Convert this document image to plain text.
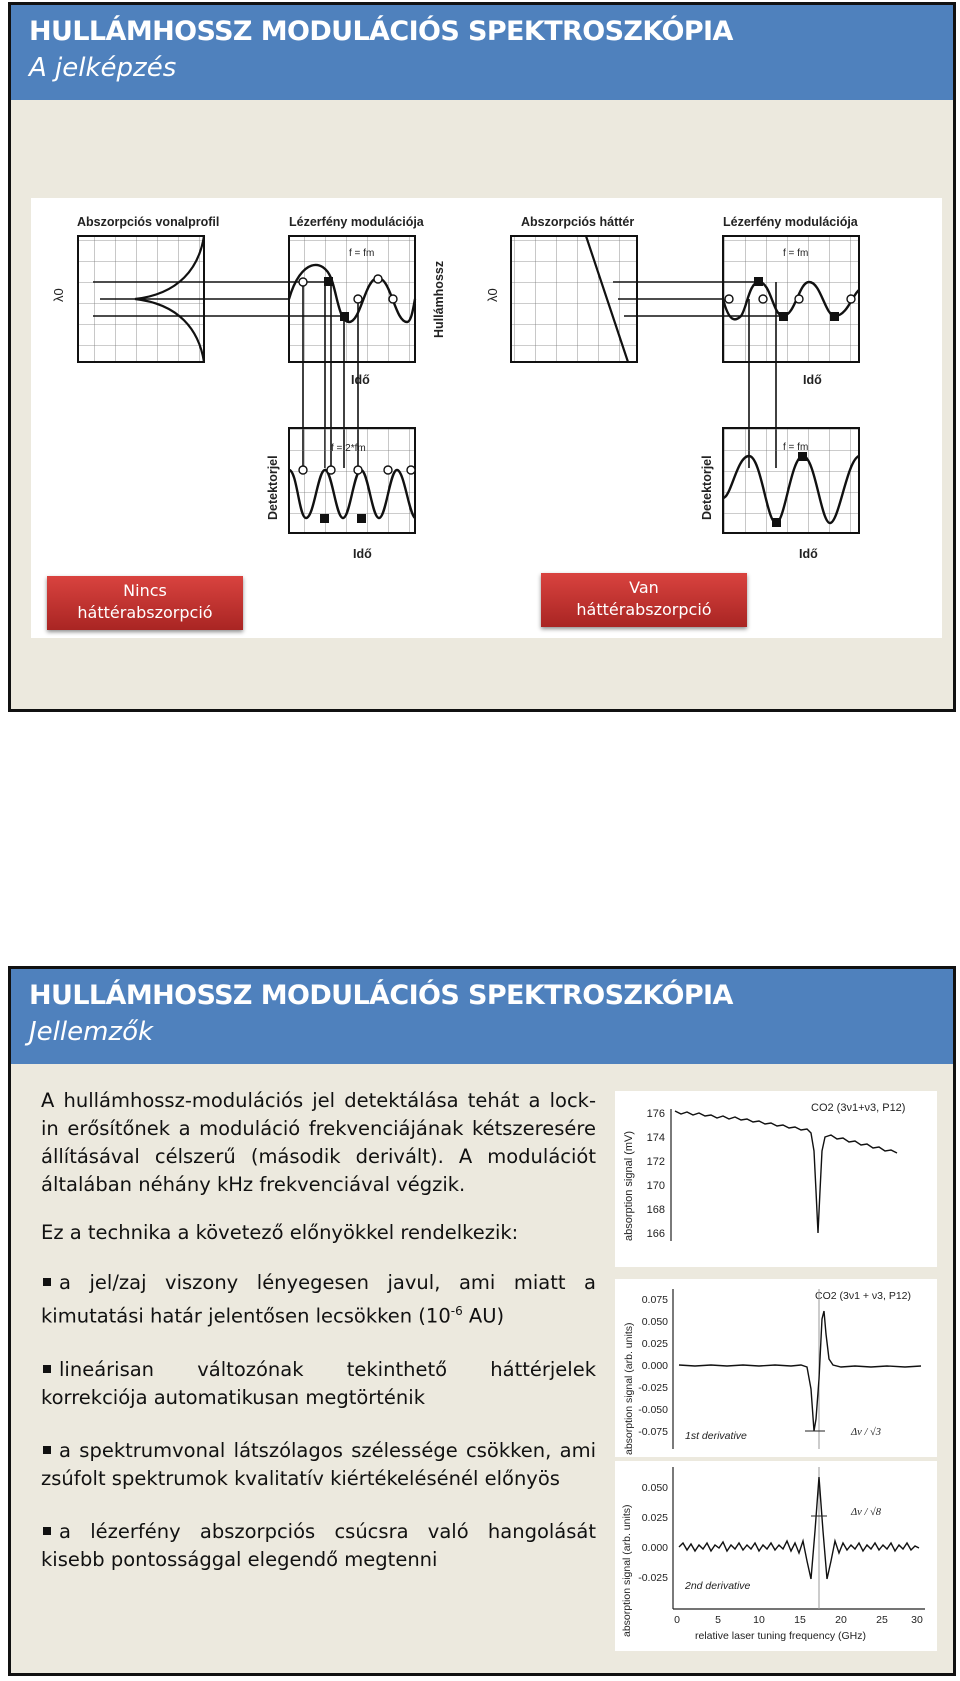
HULLÁMHOSSZ MODULÁCIÓS SPEKTROSZKÓPIA
A jelképzés
Abszorpciós vonalprofil	Lézerfény modulációja
λ0
f = fm
Hullámhossz
Idő
f = 2*fm
Detektorjel
Idő
Abszorpciós háttér	Lézerfény modulációja
λ0
f = fm
Idő
f = fm
Detektorjel
Idő
Nincs
háttérabszorpció
Van
háttérabszorpció
HULLÁMHOSSZ MODULÁCIÓS SPEKTROSZKÓPIA
Jellemzők

A hullámhossz-modulációs jel detektálása tehát a lock-in erősítőnek a moduláció frekvenciájának kétszeresére állításával célszerű (második derivált). A modulációt általában néhány kHz frekvenciával végzik.

Ez a technika a követező előnyökkel rendelkezik:

a jel/zaj viszony lényegesen javul, ami miatt a kimutatási határ jelentősen lecsökken ($10^{-6}$ AU)

lineárisan változónak tekinthető háttérjelek korrekciója automatikusan megtörténik

a spektrumvonal látszólagos szélessége csökken, ami zsúfolt spektrumok kvalitatív kiértékelésénél előnyös

a lézerfény abszorpciós csúcsra való hangolását kisebb pontossággal elegendő megtenni

176
174
172
170
168
166
absorption signal (mV)
CO2 (3ν1+ν3, P12)
0.075
0.050
0.025
0.000
-0.025
-0.050
-0.075
absorption signal (arb. units)
CO2 (3ν1 + ν3, P12)
1st derivative	Δν / √3
0.050
0.025
0.000
-0.025
0	5	10	15	20	25 30
relative laser tuning frequency (GHz)
absorption signal (arb. units)	Δν / √8
2nd derivative
